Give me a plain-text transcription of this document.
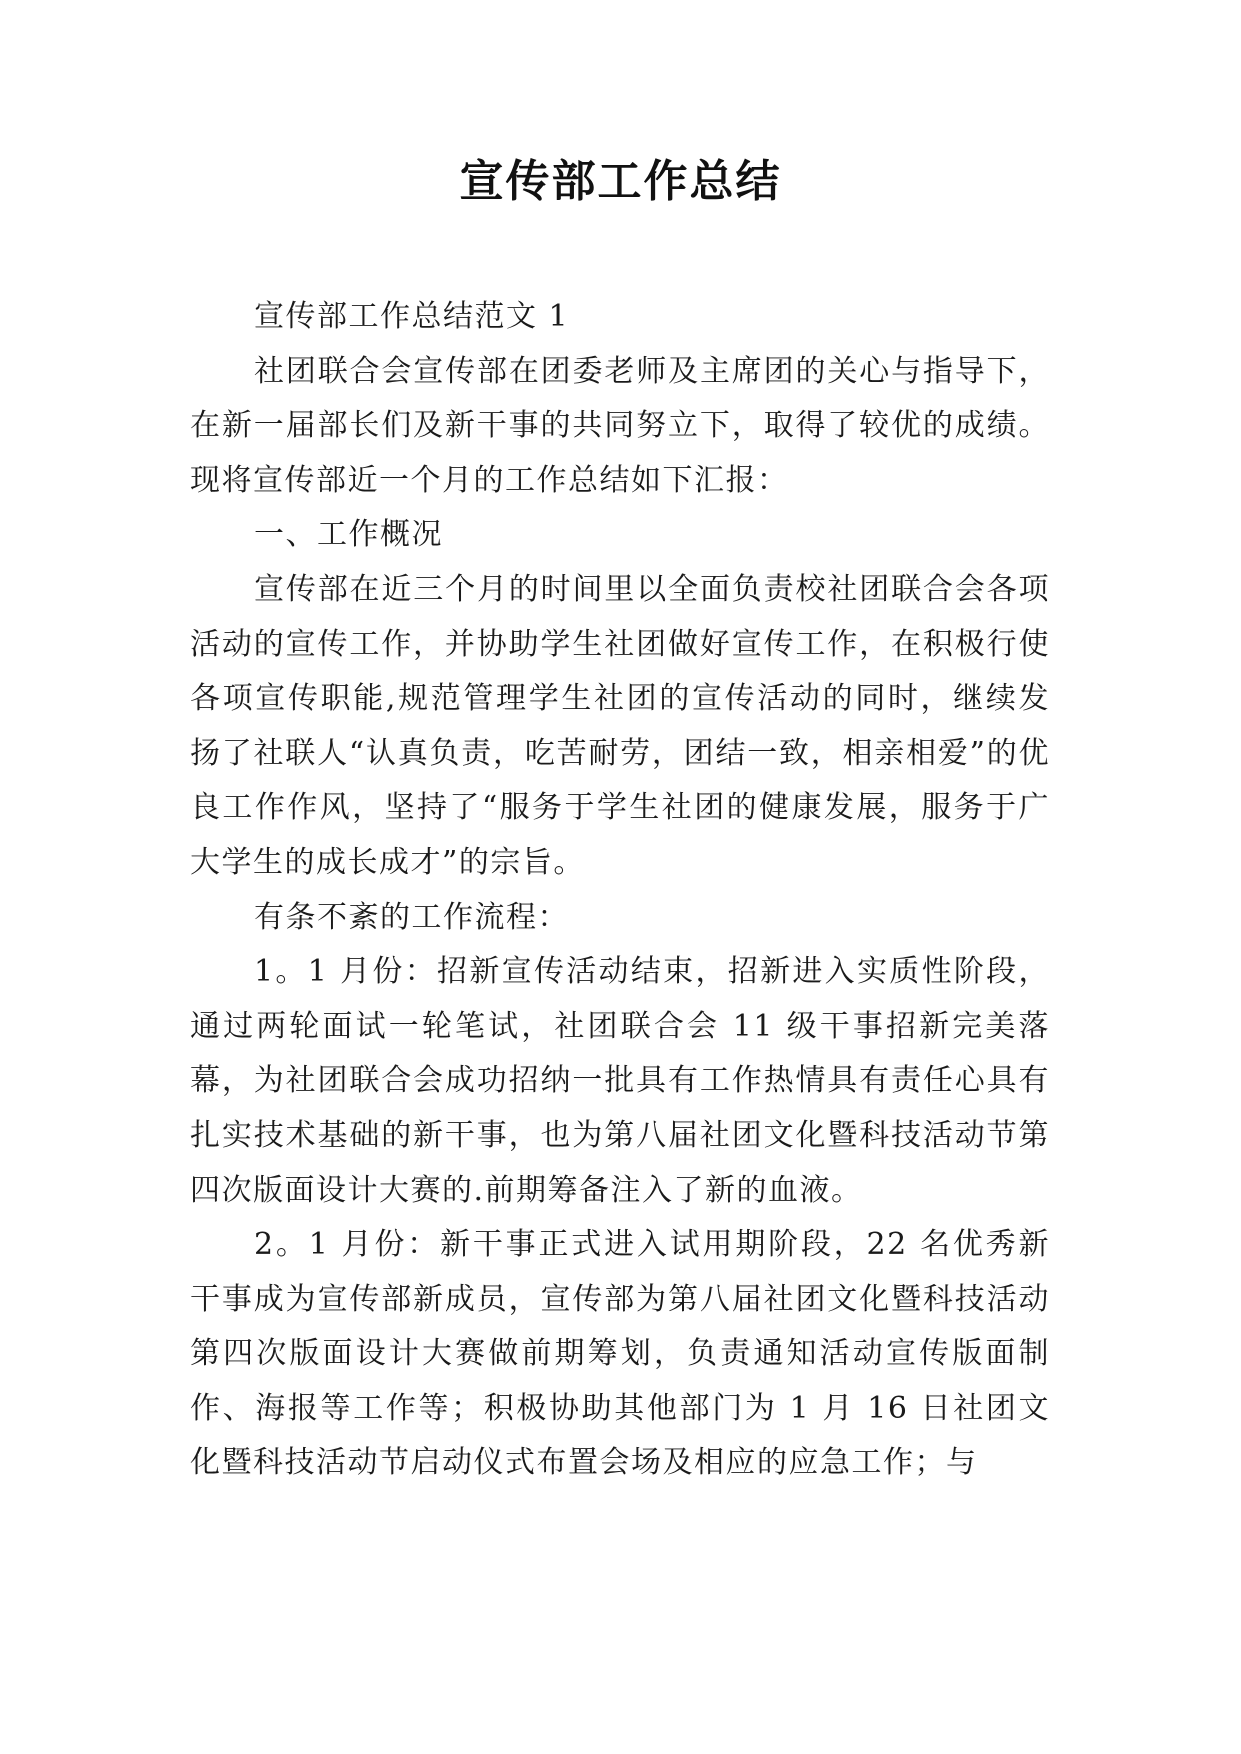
宣传部工作总结

宣传部工作总结范文 1

社团联合会宣传部在团委老师及主席团的关心与指导下，在新一届部长们及新干事的共同努立下，取得了较优的成绩。现将宣传部近一个月的工作总结如下汇报：

一、工作概况

宣传部在近三个月的时间里以全面负责校社团联合会各项活动的宣传工作，并协助学生社团做好宣传工作，在积极行使各项宣传职能,规范管理学生社团的宣传活动的同时，继续发扬了社联人“认真负责，吃苦耐劳，团结一致，相亲相爱”的优良工作作风，坚持了“服务于学生社团的健康发展，服务于广大学生的成长成才”的宗旨。

有条不紊的工作流程：

1。1 月份：招新宣传活动结束，招新进入实质性阶段，通过两轮面试一轮笔试，社团联合会 11 级干事招新完美落幕，为社团联合会成功招纳一批具有工作热情具有责任心具有扎实技术基础的新干事，也为第八届社团文化暨科技活动节第四次版面设计大赛的.前期筹备注入了新的血液。

2。1 月份：新干事正式进入试用期阶段，22 名优秀新干事成为宣传部新成员，宣传部为第八届社团文化暨科技活动第四次版面设计大赛做前期筹划，负责通知活动宣传版面制作、海报等工作等；积极协助其他部门为 1 月 16 日社团文化暨科技活动节启动仪式布置会场及相应的应急工作；与
